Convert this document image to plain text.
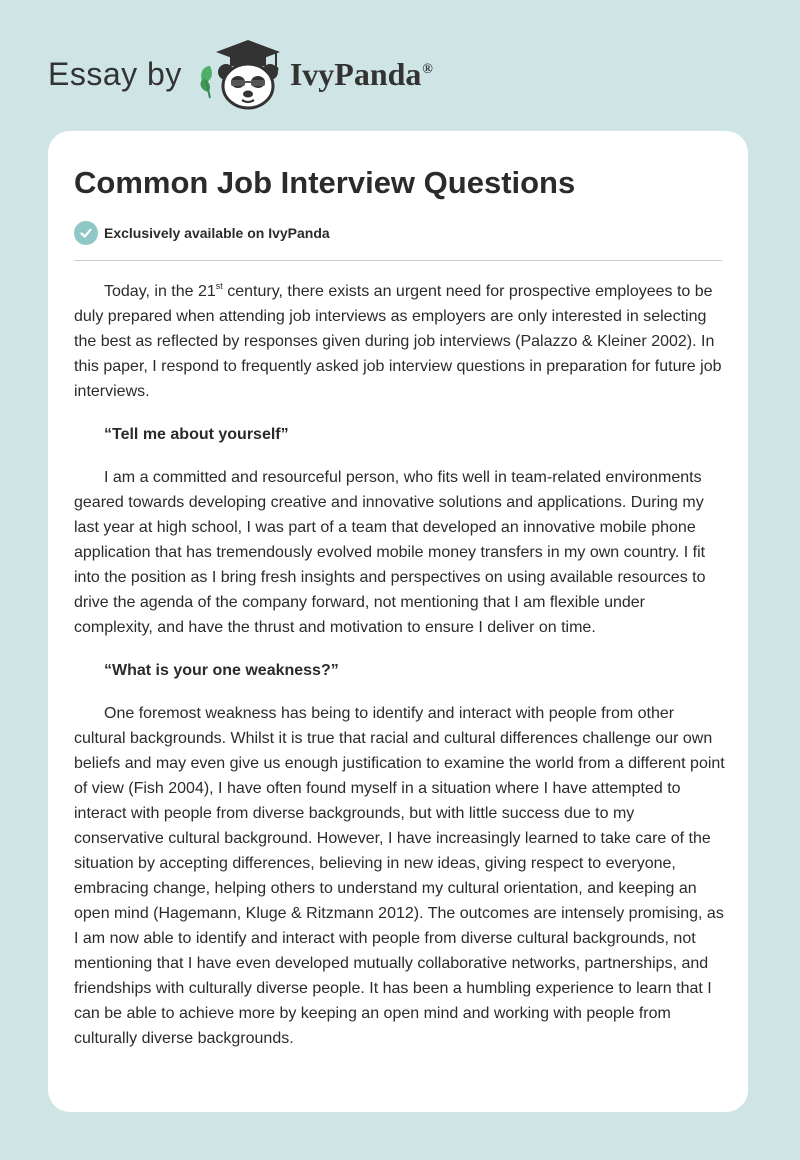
Essay by	IvyPanda®
Common Job Interview Questions
Exclusively available on IvyPanda

Today, in the 21st century, there exists an urgent need for prospective employees to be duly prepared when attending job interviews as employers are only interested in selecting the best as reflected by responses given during job interviews (Palazzo & Kleiner 2002). In this paper, I respond to frequently asked job interview questions in preparation for future job interviews.

“Tell me about yourself”

I am a committed and resourceful person, who fits well in team-related environments geared towards developing creative and innovative solutions and applications. During my last year at high school, I was part of a team that developed an innovative mobile phone application that has tremendously evolved mobile money transfers in my own country. I fit into the position as I bring fresh insights and perspectives on using available resources to drive the agenda of the company forward, not mentioning that I am flexible under complexity, and have the thrust and motivation to ensure I deliver on time.

“What is your one weakness?”

One foremost weakness has being to identify and interact with people from other cultural backgrounds. Whilst it is true that racial and cultural differences challenge our own beliefs and may even give us enough justification to examine the world from a different point of view (Fish 2004), I have often found myself in a situation where I have attempted to interact with people from diverse backgrounds, but with little success due to my conservative cultural background. However, I have increasingly learned to take care of the situation by accepting differences, believing in new ideas, giving respect to everyone, embracing change, helping others to understand my cultural orientation, and keeping an open mind (Hagemann, Kluge & Ritzmann 2012). The outcomes are intensely promising, as I am now able to identify and interact with people from diverse cultural backgrounds, not mentioning that I have even developed mutually collaborative networks, partnerships, and friendships with culturally diverse people. It has been a humbling experience to learn that I can be able to achieve more by keeping an open mind and working with people from culturally diverse backgrounds.
